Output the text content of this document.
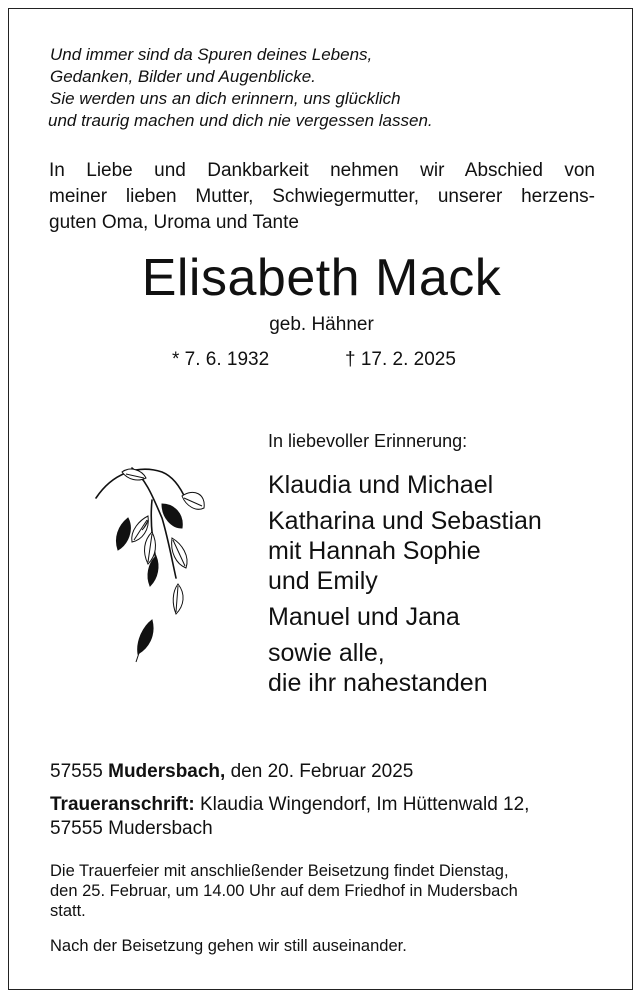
Und immer sind da Spuren deines Lebens,
Gedanken, Bilder und Augenblicke.
Sie werden uns an dich erinnern, uns glücklich
und traurig machen und dich nie vergessen lassen.
In Liebe und Dankbarkeit nehmen wir Abschied von
meiner lieben Mutter, Schwiegermutter, unserer herzens-
guten Oma, Uroma und Tante
Elisabeth Mack
geb. Hähner
* 7. 6. 1932	† 17. 2. 2025
In liebevoller Erinnerung:
Klaudia und Michael
Katharina und Sebastian
mit Hannah Sophie
und Emily
Manuel und Jana
sowie alle,
die ihr nahestanden
57555 Mudersbach, den 20. Februar 2025
Traueranschrift: Klaudia Wingendorf, Im Hüttenwald 12,
57555 Mudersbach
Die Trauerfeier mit anschließender Beisetzung findet Dienstag,
den 25. Februar, um 14.00 Uhr auf dem Friedhof in Mudersbach
statt.
Nach der Beisetzung gehen wir still auseinander.
